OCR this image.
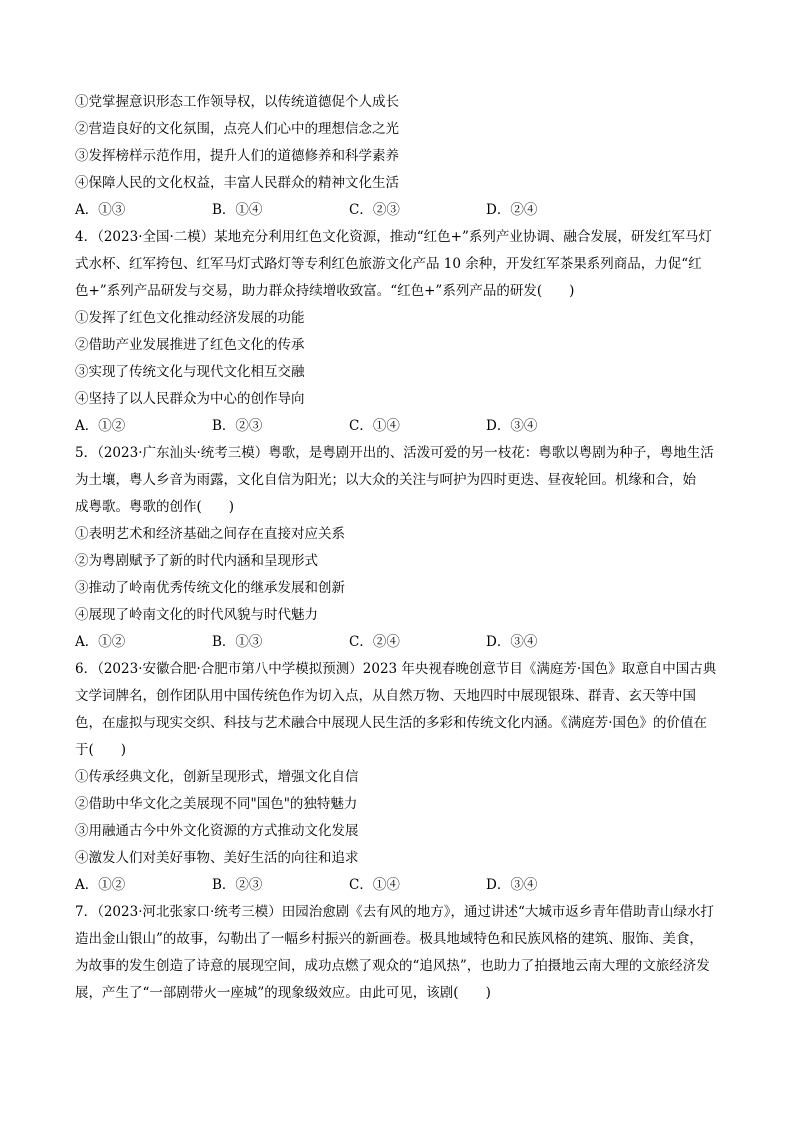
①党掌握意识形态工作领导权，以传统道德促个人成长
②营造良好的文化氛围，点亮人们心中的理想信念之光
③发挥榜样示范作用，提升人们的道德修养和科学素养
④保障人民的文化权益，丰富人民群众的精神文化生活
A．①③	B．①④	C．②③	D．②④
4．（2023·全国·二模）某地充分利用红色文化资源，推动“红色+”系列产业协调、融合发展，研发红军马灯
式水杯、红军挎包、红军马灯式路灯等专利红色旅游文化产品 10 余种，开发红军茶果系列商品，力促“红
色+”系列产品研发与交易，助力群众持续增收致富。“红色+”系列产品的研发(　　)
①发挥了红色文化推动经济发展的功能
②借助产业发展推进了红色文化的传承
③实现了传统文化与现代文化相互交融
④坚持了以人民群众为中心的创作导向
A．①②	B．②③	C．①④	D．③④
5．（2023·广东汕头·统考三模）粤歌，是粤剧开出的、活泼可爱的另一枝花：粤歌以粤剧为种子，粤地生活
为土壤，粤人乡音为雨露，文化自信为阳光；以大众的关注与呵护为四时更迭、昼夜轮回。机缘和合，始
成粤歌。粤歌的创作(　　)
①表明艺术和经济基础之间存在直接对应关系
②为粤剧赋予了新的时代内涵和呈现形式
③推动了岭南优秀传统文化的继承发展和创新
④展现了岭南文化的时代风貌与时代魅力
A．①②	B．①③	C．②④	D．③④
6．（2023·安徽合肥·合肥市第八中学模拟预测）2023 年央视春晚创意节目《满庭芳·国色》取意自中国古典
文学词牌名，创作团队用中国传统色作为切入点，从自然万物、天地四时中展现银珠、群青、玄天等中国
色，在虚拟与现实交织、科技与艺术融合中展现人民生活的多彩和传统文化内涵。《满庭芳·国色》的价值在
于(　　)
①传承经典文化，创新呈现形式，增强文化自信
②借助中华文化之美展现不同"国色"的独特魅力
③用融通古今中外文化资源的方式推动文化发展
④激发人们对美好事物、美好生活的向往和追求
A．①②	B．②③	C．①④	D．③④
7．（2023·河北张家口·统考三模）田园治愈剧《去有风的地方》，通过讲述“大城市返乡青年借助青山绿水打
造出金山银山”的故事，勾勒出了一幅乡村振兴的新画卷。极具地域特色和民族风格的建筑、服饰、美食，
为故事的发生创造了诗意的展现空间，成功点燃了观众的“追风热”，也助力了拍摄地云南大理的文旅经济发
展，产生了“一部剧带火一座城”的现象级效应。由此可见，该剧(　　)
